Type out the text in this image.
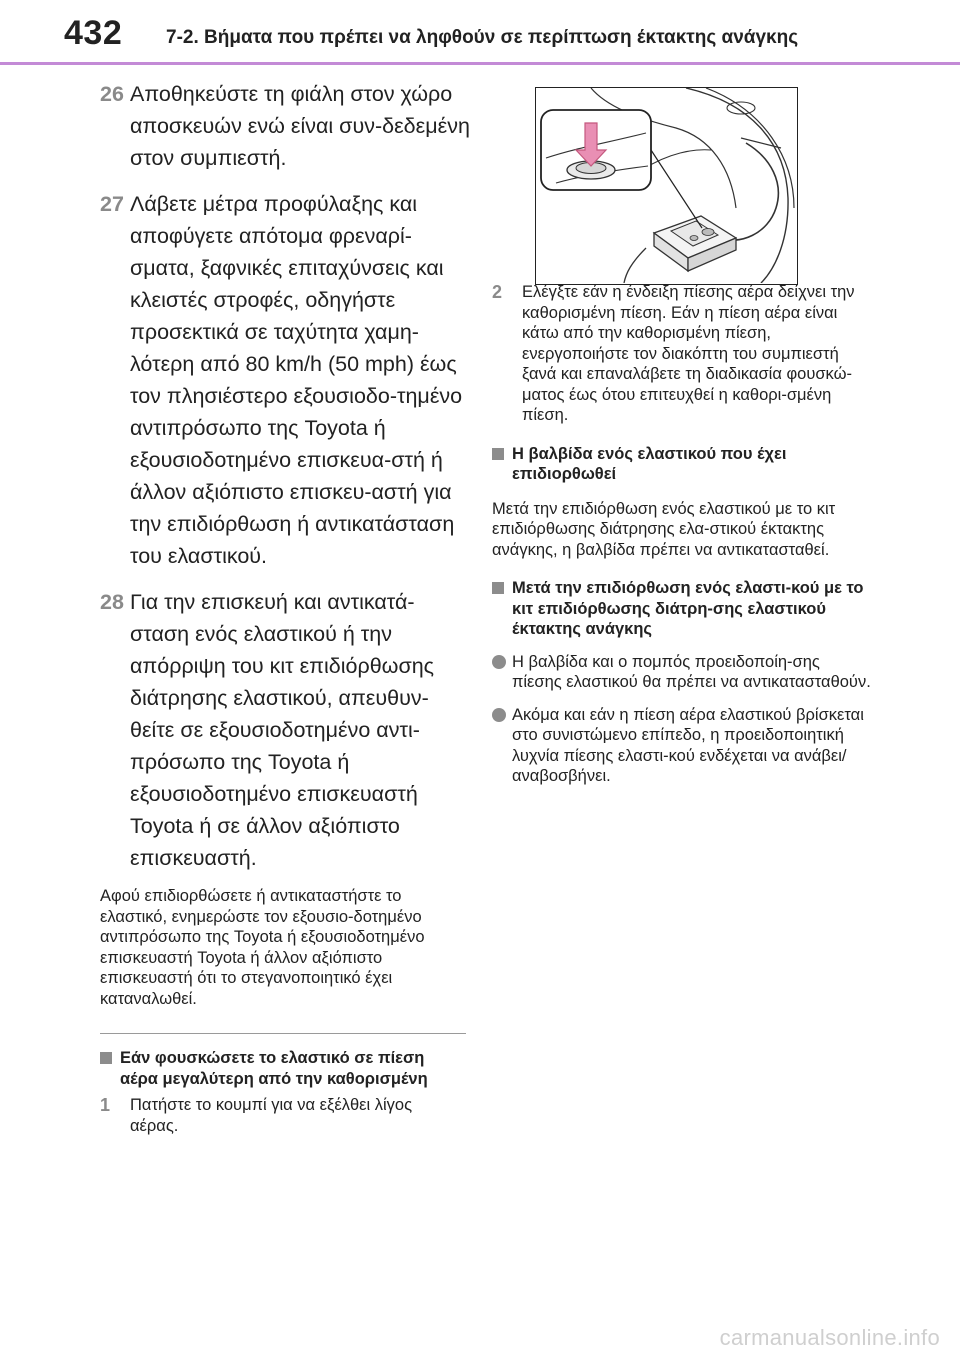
432 7-2. Βήματα που πρέπει να ληφθούν σε περίπτωση έκτακτης ανάγκης
26 Αποθηκεύστε τη φιάλη στον χώρο αποσκευών ενώ είναι συν-δεδεμένη στον συμπιεστή.
27 Λάβετε μέτρα προφύλαξης και αποφύγετε απότομα φρεναρί-σματα, ξαφνικές επιταχύνσεις και κλειστές στροφές, οδηγήστε προσεκτικά σε ταχύτητα χαμη-λότερη από 80 km/h (50 mph) έως τον πλησιέστερο εξουσιοδο-τημένο αντιπρόσωπο της Toyota ή εξουσιοδοτημένο επισκευα-στή ή άλλον αξιόπιστο επισκευ-αστή για την επιδιόρθωση ή αντικατάσταση του ελαστικού.
28 Για την επισκευή και αντικατά-σταση ενός ελαστικού ή την απόρριψη του κιτ επιδιόρθωσης διάτρησης ελαστικού, απευθυν-θείτε σε εξουσιοδοτημένο αντι-πρόσωπο της Toyota ή εξουσιοδοτημένο επισκευαστή Toyota ή σε άλλον αξιόπιστο επισκευαστή.
Αφού επιδιορθώσετε ή αντικαταστήστε το ελαστικό, ενημερώστε τον εξουσιο-δοτημένο αντιπρόσωπο της Toyota ή εξουσιοδοτημένο επισκευαστή Toyota ή άλλον αξιόπιστο επισκευαστή ότι το στεγανοποιητικό έχει καταναλωθεί.
Εάν φουσκώσετε το ελαστικό σε πίεση αέρα μεγαλύτερη από την καθορισμένη
1 Πατήστε το κουμπί για να εξέλθει λίγος αέρας.
2 Ελέγξτε εάν η ένδειξη πίεσης αέρα δείχνει την καθορισμένη πίεση. Εάν η πίεση αέρα είναι κάτω από την καθορισμένη πίεση, ενεργοποιήστε τον διακόπτη του συμπιεστή ξανά και επαναλάβετε τη διαδικασία φουσκώ-ματος έως ότου επιτευχθεί η καθορι-σμένη πίεση.
Η βαλβίδα ενός ελαστικού που έχει επιδιορθωθεί
Μετά την επιδιόρθωση ενός ελαστικού με το κιτ επιδιόρθωσης διάτρησης ελα-στικού έκτακτης ανάγκης, η βαλβίδα πρέπει να αντικατασταθεί.
Μετά την επιδιόρθωση ενός ελαστι-κού με το κιτ επιδιόρθωσης διάτρη-σης ελαστικού έκτακτης ανάγκης
Η βαλβίδα και ο πομπός προειδοποίη-σης πίεσης ελαστικού θα πρέπει να αντικατασταθούν.
Ακόμα και εάν η πίεση αέρα ελαστικού βρίσκεται στο συνιστώμενο επίπεδο, η προειδοποιητική λυχνία πίεσης ελαστι-κού ενδέχεται να ανάβει/αναβοσβήνει.
carmanualsonline.info
